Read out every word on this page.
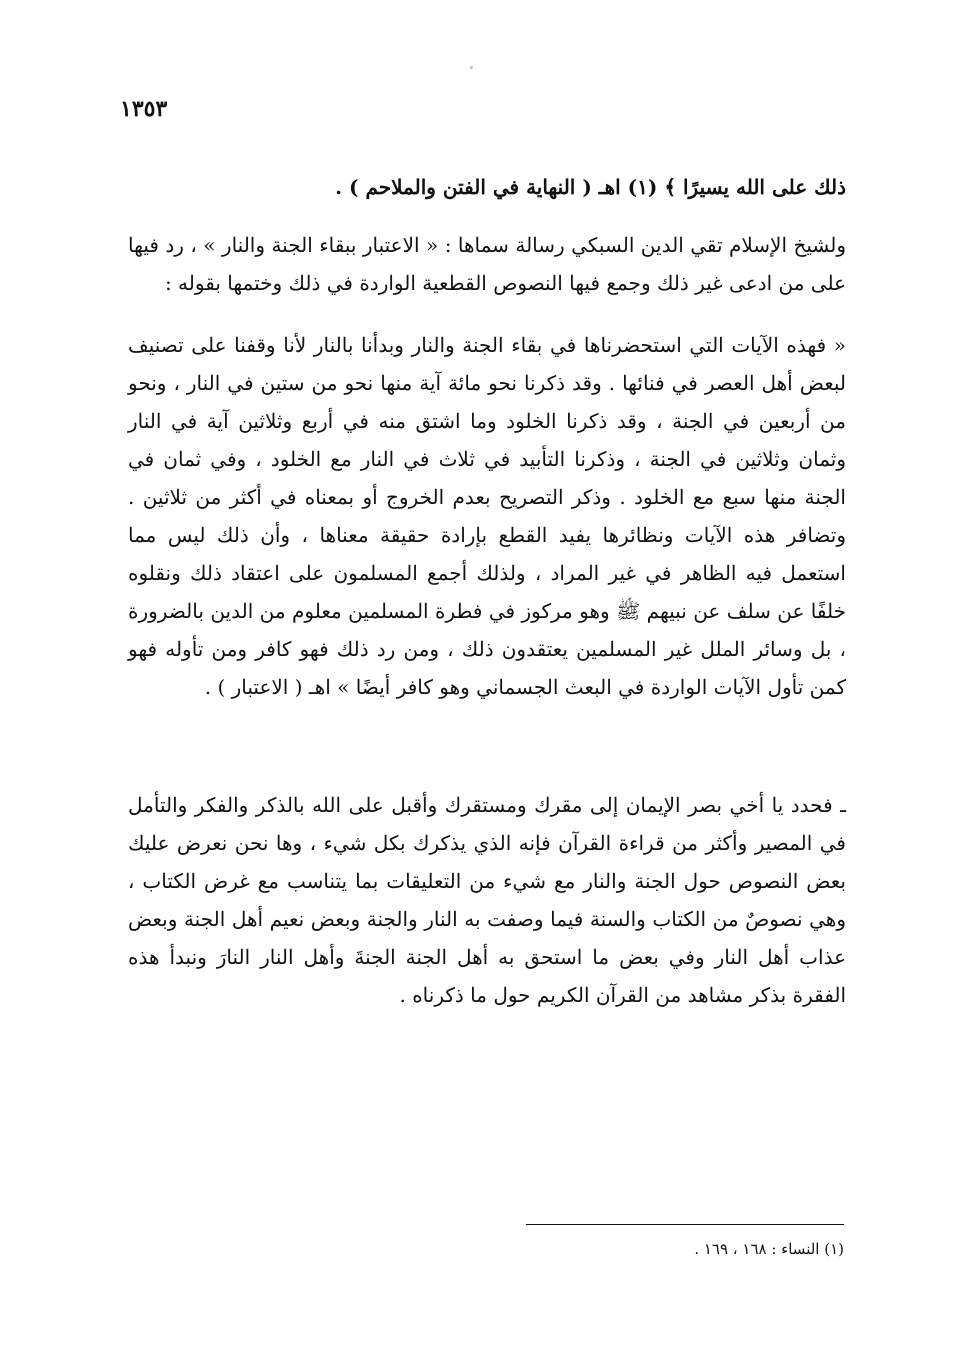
١٣٥٣
ذلك على الله يسيرًا ﴾ (١) اهـ ( النهاية في الفتن والملاحم ) .
ولشيخ الإسلام تقي الدين السبكي رسالة سماها : « الاعتبار ببقاء الجنة والنار » ، رد فيها على من ادعى غير ذلك وجمع فيها النصوص القطعية الواردة في ذلك وختمها بقوله :
« فهذه الآيات التي استحضرناها في بقاء الجنة والنار وبدأنا بالنار لأنا وقفنا على تصنيف لبعض أهل العصر في فنائها . وقد ذكرنا نحو مائة آية منها نحو من ستين في النار ، ونحو من أربعين في الجنة ، وقد ذكرنا الخلود وما اشتق منه في أربع وثلاثين آية في النار وثمان وثلاثين في الجنة ، وذكرنا التأبيد في ثلاث في النار مع الخلود ، وفي ثمان في الجنة منها سبع مع الخلود . وذكر التصريح بعدم الخروج أو بمعناه في أكثر من ثلاثين . وتضافر هذه الآيات ونظائرها يفيد القطع بإرادة حقيقة معناها ، وأن ذلك ليس مما استعمل فيه الظاهر في غير المراد ، ولذلك أجمع المسلمون على اعتقاد ذلك ونقلوه خلفًا عن سلف عن نبيهم ﷺ وهو مركوز في فطرة المسلمين معلوم من الدين بالضرورة ، بل وسائر الملل غير المسلمين يعتقدون ذلك ، ومن رد ذلك فهو كافر ومن تأوله فهو كمن تأول الآيات الواردة في البعث الجسماني وهو كافر أيضًا » اهـ ( الاعتبار ) .
ـ فحدد يا أخي بصر الإيمان إلى مقرك ومستقرك وأقبل على الله بالذكر والفكر والتأمل في المصير وأكثر من قراءة القرآن فإنه الذي يذكرك بكل شيء ، وها نحن نعرض عليك بعض النصوص حول الجنة والنار مع شيء من التعليقات بما يتناسب مع غرض الكتاب ، وهي نصوصٌ من الكتاب والسنة فيما وصفت به النار والجنة وبعض نعيم أهل الجنة وبعض عذاب أهل النار وفي بعض ما استحق به أهل الجنة الجنةَ وأهل النار النارَ ونبدأ هذه الفقرة بذكر مشاهد من القرآن الكريم حول ما ذكرناه .
(١) النساء : ١٦٨ ، ١٦٩ .
